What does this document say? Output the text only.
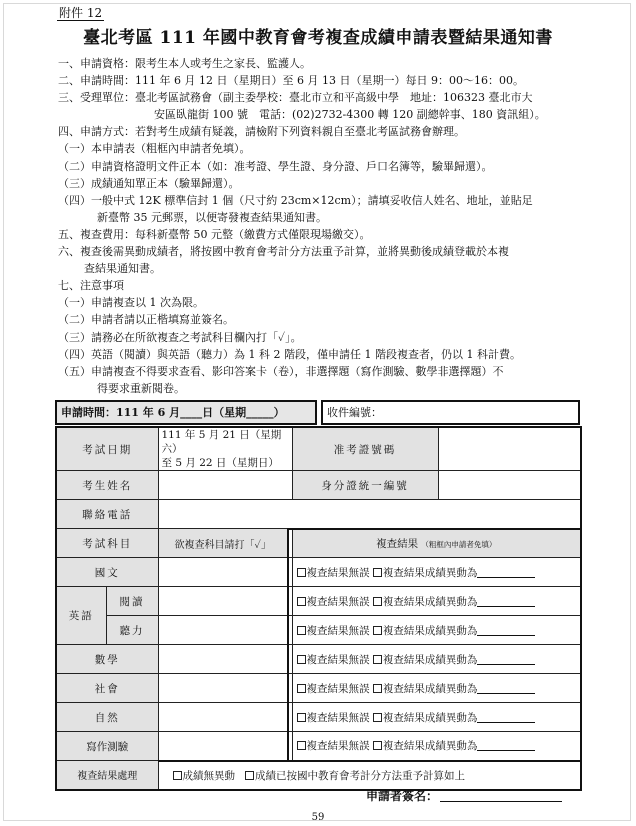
附件 12
臺北考區 111 年國中教育會考複查成績申請表暨結果通知書
一、申請資格：限考生本人或考生之家長、監護人。
二、申請時間：111 年 6 月 12 日（星期日）至 6 月 13 日（星期一）每日 9：00～16：00。
三、受理單位：臺北考區試務會（副主委學校：臺北市立和平高級中學　地址：106323 臺北市大
安區臥龍街 100 號　電話：(02)2732-4300 轉 120 副總幹事、180 資訊組）。
四、申請方式：若對考生成績有疑義，請檢附下列資料親自至臺北考區試務會辦理。
（一）本申請表（粗框內申請者免填）。
（二）申請資格證明文件正本（如：准考證、學生證、身分證、戶口名簿等，驗畢歸還）。
（三）成績通知單正本（驗畢歸還）。
（四）一般中式 12K 標準信封 1 個（尺寸約 23cm×12cm）；請填妥收信人姓名、地址，並貼足
新臺幣 35 元郵票，以便寄發複查結果通知書。
五、複查費用：每科新臺幣 50 元整（繳費方式僅限現場繳交）。
六、複查後需異動成績者，將按國中教育會考計分方法重予計算，並將異動後成績登載於本複
查結果通知書。
七、注意事項
（一）申請複查以 1 次為限。
（二）申請者請以正楷填寫並簽名。
（三）請務必在所欲複查之考試科目欄內打「✓」。
（四）英語（閱讀）與英語（聽力）為 1 科 2 階段，僅申請任 1 階段複查者，仍以 1 科計費。
（五）申請複查不得要求查看、影印答案卡（卷），非選擇題（寫作測驗、數學非選擇題）不
得要求重新閱卷。
申請時間：111 年 6 月____日（星期_____）	收件編號：
考試日期		111 年 5 月 21 日（星期六）
至 5 月 22 日（星期日）		准考證號碼	
考生姓名				身分證統一編號	
聯絡電話					
考試科目		欲複查科目請打「✓」		複查結果 （粗框內申請者免填）	
國文				複查結果無誤 複查結果成績異動為	
英語	閱讀			複查結果無誤 複查結果成績異動為	
	聽力			複查結果無誤 複查結果成績異動為	
數學				複查結果無誤 複查結果成績異動為	
社會				複查結果無誤 複查結果成績異動為	
自然				複查結果無誤 複查結果成績異動為	
寫作測驗				複查結果無誤 複查結果成績異動為	
複查結果處理		成績無異動 成績已按國中教育會考計分方法重予計算如上			
申請者簽名：
59
